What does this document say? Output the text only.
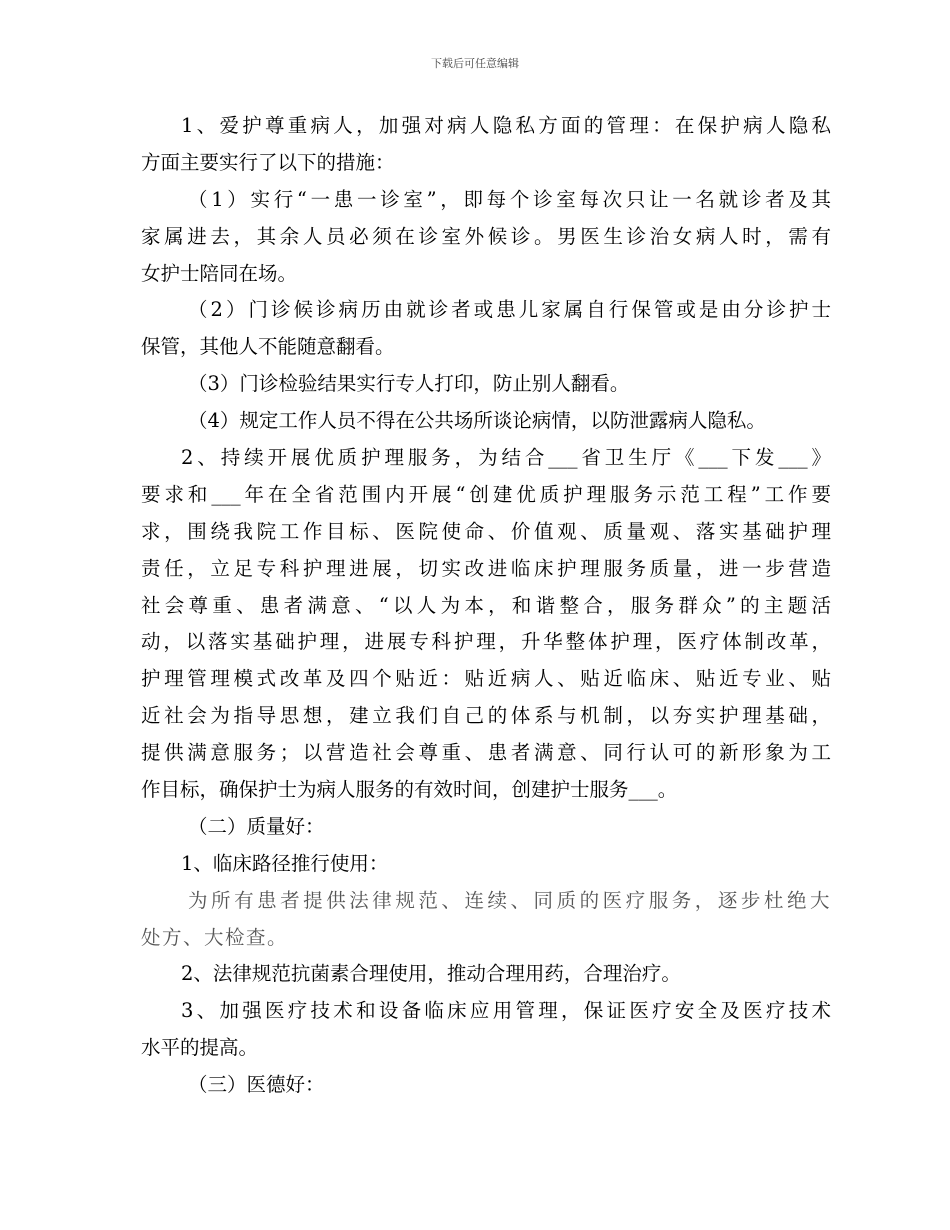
下载后可任意编辑
1、爱护尊重病人，加强对病人隐私方面的管理：在保护病人隐私
方面主要实行了以下的措施：
（1）实行“一患一诊室”，即每个诊室每次只让一名就诊者及其
家属进去，其余人员必须在诊室外候诊。男医生诊治女病人时，需有
女护士陪同在场。
（2）门诊候诊病历由就诊者或患儿家属自行保管或是由分诊护士
保管，其他人不能随意翻看。
（3）门诊检验结果实行专人打印，防止别人翻看。
（4）规定工作人员不得在公共场所谈论病情，以防泄露病人隐私。
2、持续开展优质护理服务，为结合___省卫生厅《___下发___》
要求和___年在全省范围内开展“创建优质护理服务示范工程”工作要
求，围绕我院工作目标、医院使命、价值观、质量观、落实基础护理
责任，立足专科护理进展，切实改进临床护理服务质量，进一步营造
社会尊重、患者满意、“以人为本，和谐整合，服务群众”的主题活
动，以落实基础护理，进展专科护理，升华整体护理，医疗体制改革，
护理管理模式改革及四个贴近：贴近病人、贴近临床、贴近专业、贴
近社会为指导思想，建立我们自己的体系与机制，以夯实护理基础，
提供满意服务；以营造社会尊重、患者满意、同行认可的新形象为工
作目标，确保护士为病人服务的有效时间，创建护士服务___。
（二）质量好：
1、临床路径推行使用：
为所有患者提供法律规范、连续、同质的医疗服务，逐步杜绝大
处方、大检查。
2、法律规范抗菌素合理使用，推动合理用药，合理治疗。
3、加强医疗技术和设备临床应用管理，保证医疗安全及医疗技术
水平的提高。
（三）医德好：
